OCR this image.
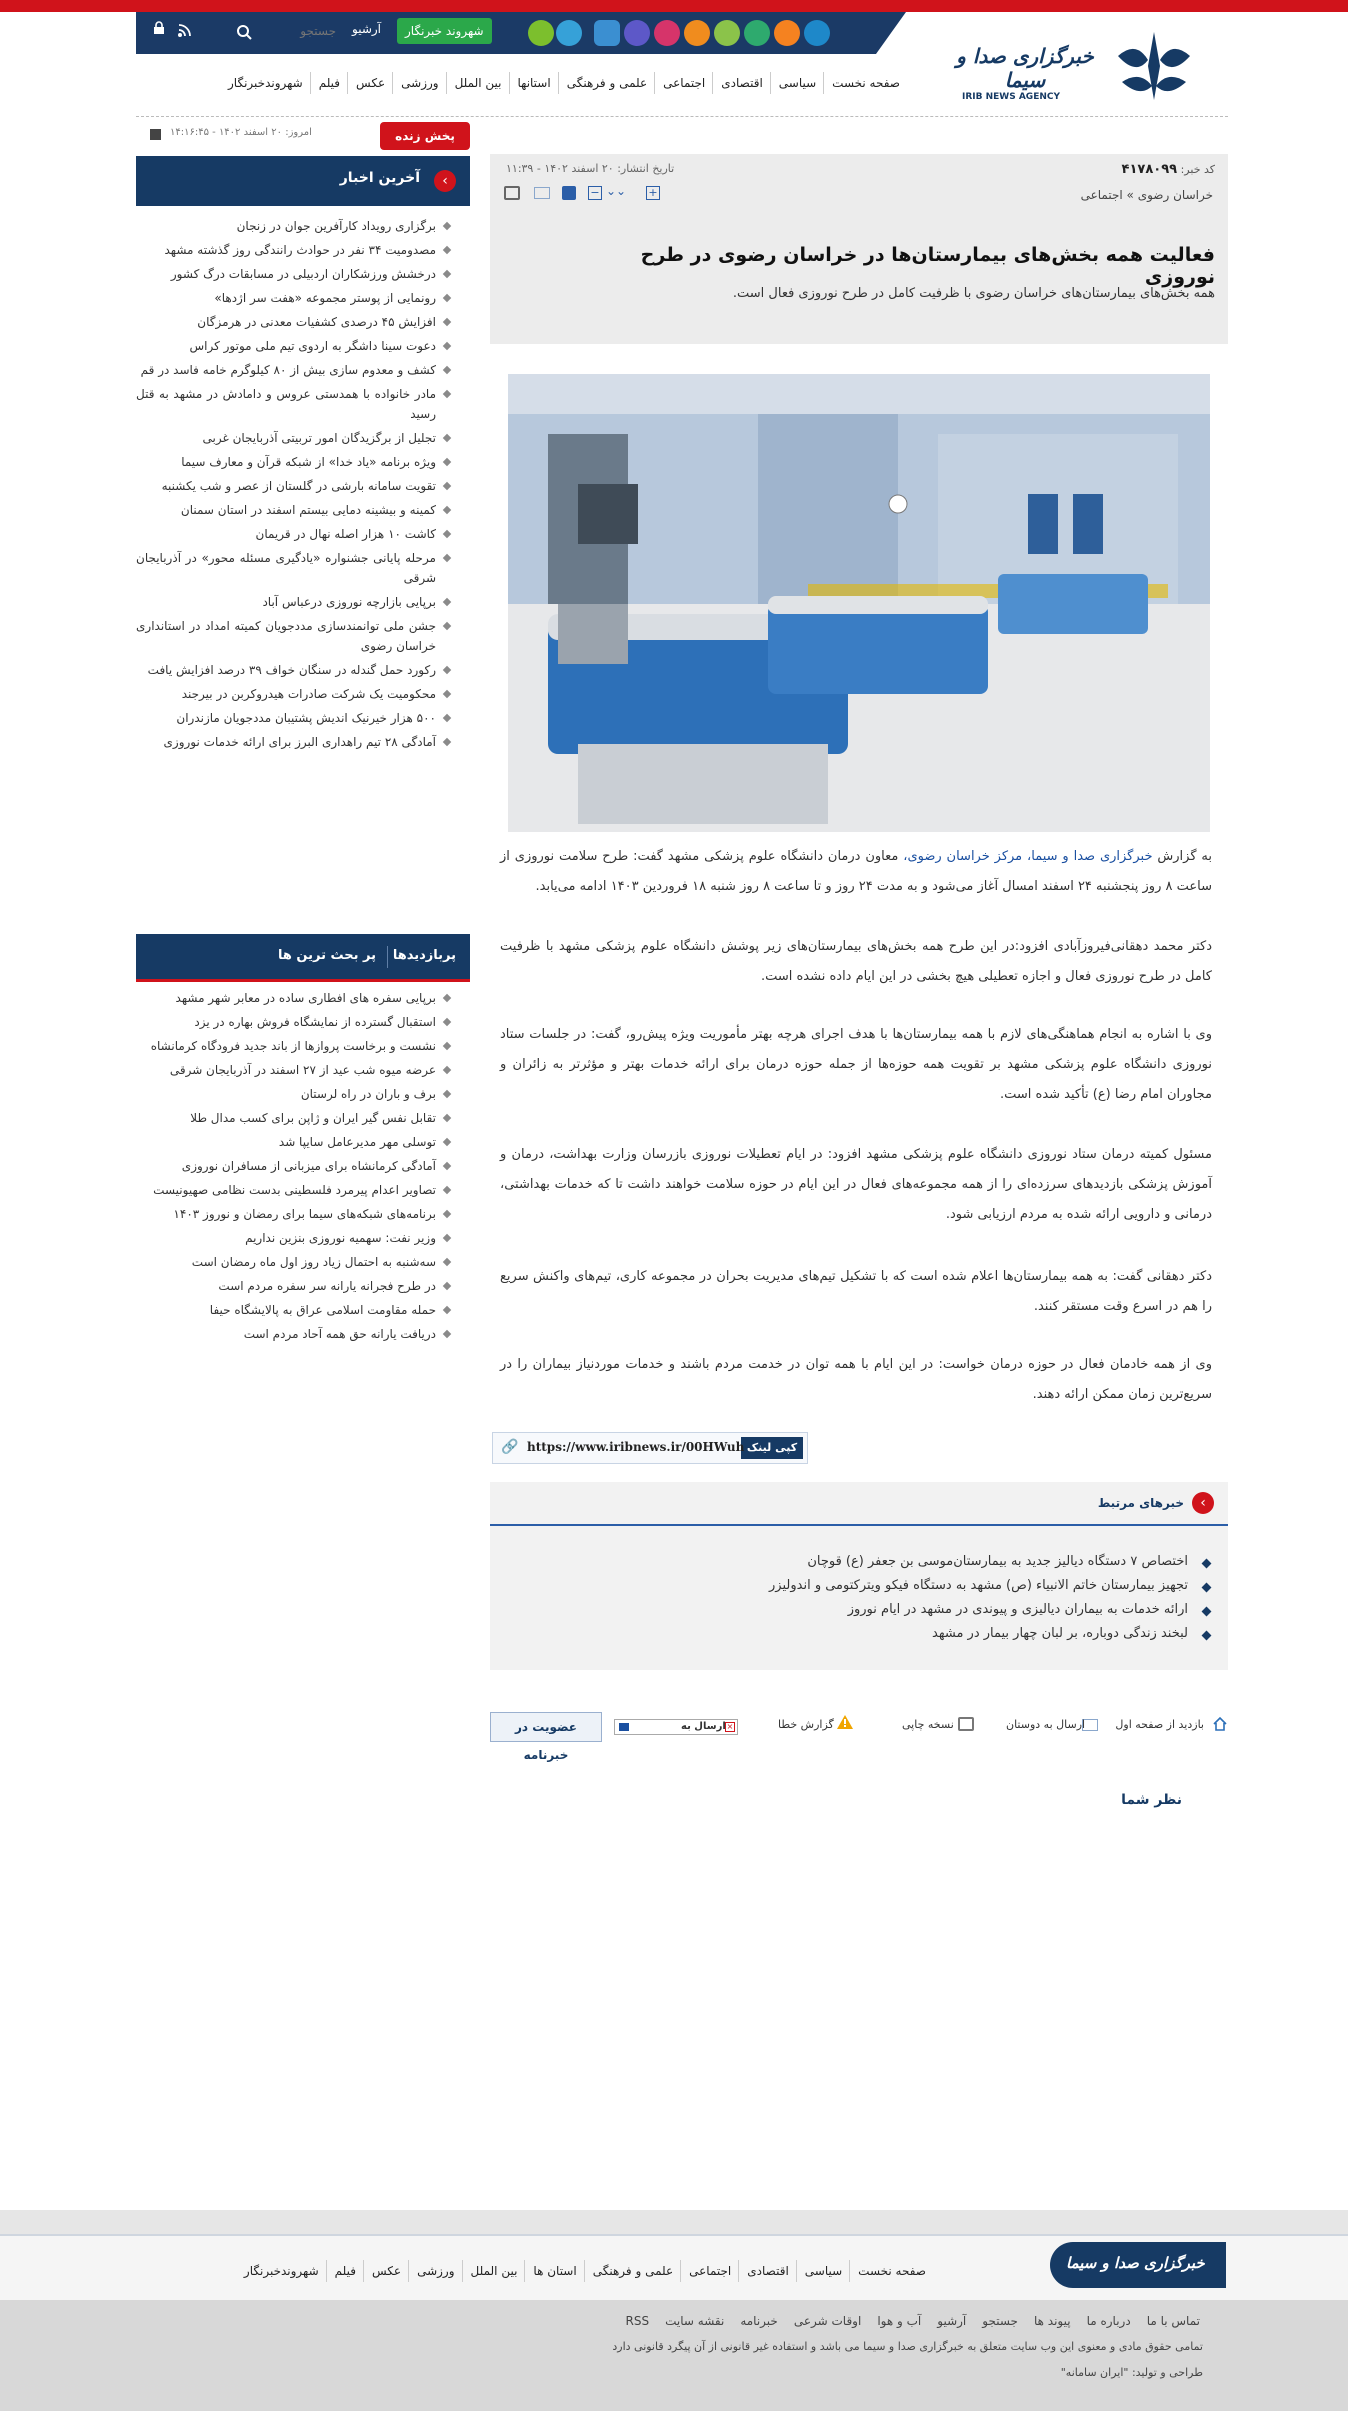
جستجو
آرشیو	شهروند خبرنگار
خبرگزاری صدا و سیما
IRIB NEWS AGENCY
پخش زنده
امروز: ۲۰ اسفند ۱۴۰۲ - ۱۴:۱۶:۴۵
‹
آخرین اخبار
برگزاری رویداد کارآفرین جوان در زنجان
مصدومیت ۳۴ نفر در حوادث رانندگی روز گذشته مشهد
درخشش ورزشکاران اردبیلی در مسابقات درگ کشور
رونمایی از پوستر مجموعه «هفت سر اژدها»
افزایش ۴۵ درصدی کشفیات معدنی در هرمزگان
دعوت سینا داشگر به اردوی تیم ملی موتور کراس
کشف و معدوم سازی بیش از ۸۰ کیلوگرم خامه فاسد در قم
مادر خانواده با همدستی عروس و دامادش در مشهد به قتل رسید
تجلیل از برگزیدگان امور تربیتی آذربایجان غربی
ویژه برنامه «یاد خدا» از شبکه قرآن و معارف سیما
تقویت سامانه بارشی در گلستان از عصر و شب یکشنبه
کمینه و بیشینه دمایی بیستم اسفند در استان سمنان
کاشت ۱۰ هزار اصله نهال در قریمان
مرحله پایانی جشنواره «یادگیری مسئله محور» در آذربایجان شرقی
برپایی بازارچه نوروزی درعباس آباد
جشن ملی توانمندسازی مددجویان کمیته امداد در استانداری خراسان رضوی
رکورد حمل گندله در سنگان خواف ۳۹ درصد افزایش یافت
محکومیت یک شرکت صادرات هیدروکربن در بیرجند
۵۰۰ هزار خیرنیک اندیش پشتیبان مددجویان مازندران
آمادگی ۲۸ تیم راهداری البرز برای ارائه خدمات نوروزی
پربازدیدها
پر بحث ترین ها
برپایی سفره های افطاری ساده در معابر شهر مشهد
استقبال گسترده از نمایشگاه فروش بهاره در یزد
نشست و برخاست پروازها از باند جدید فرودگاه کرمانشاه
عرضه میوه شب عید از ۲۷ اسفند در آذربایجان شرقی
برف و باران در راه لرستان
تقابل نفس گیر ایران و ژاپن برای کسب مدال طلا
توسلی مهر مدیرعامل سایپا شد
آمادگی کرمانشاه برای میزبانی از مسافران نوروزی
تصاویر اعدام پیرمرد فلسطینی بدست نظامی صهیونیست
برنامه‌های شبکه‌های سیما برای رمضان و نوروز ۱۴۰۳
وزیر نفت: سهمیه نوروزی بنزین نداریم
سه‌شنبه به احتمال زیاد روز اول ماه رمضان است
در طرح فجرانه یارانه سر سفره مردم است
حمله مقاومت اسلامی عراق به پالایشگاه حیفا
دریافت یارانه حق همه آحاد مردم است
کد خبر: ۴۱۷۸۰۹۹
تاریخ انتشار: ۲۰ اسفند ۱۴۰۲ - ۱۱:۳۹
خراسان رضوی » اجتماعی
+
− ⌄⌄
فعالیت همه بخش‌های بیمارستان‌ها در خراسان رضوی در طرح نوروزی
همه بخش‌های بیمارستان‌های خراسان رضوی با ظرفیت کامل در طرح نوروزی فعال است.
به گزارش خبرگزاری صدا و سیما، مرکز خراسان رضوی، معاون درمان دانشگاه علوم پزشکی مشهد گفت: طرح سلامت نوروزی از ساعت ۸ روز پنجشنبه ۲۴ اسفند امسال آغاز می‌شود و به مدت ۲۴ روز و تا ساعت ۸ روز شنبه ۱۸ فروردین ۱۴۰۳ ادامه می‌یابد.
دکتر محمد دهقانی‌فیروزآبادی افزود:در این طرح همه بخش‌های بیمارستان‌های زیر پوشش دانشگاه علوم پزشکی مشهد با ظرفیت کامل در طرح نوروزی فعال و اجازه تعطیلی هیچ بخشی در این ایام داده نشده است.
وی با اشاره به انجام هماهنگی‌های لازم با همه بیمارستان‌ها با هدف اجرای هرچه بهتر مأموریت ویژه پیش‌رو، گفت: در جلسات ستاد نوروزی دانشگاه علوم پزشکی مشهد بر تقویت همه حوزه‌ها از جمله حوزه درمان برای ارائه خدمات بهتر و مؤثرتر به زائران و مجاوران امام رضا (ع) تأکید شده است.
مسئول کمیته درمان ستاد نوروزی دانشگاه علوم پزشکی مشهد افزود: در ایام تعطیلات نوروزی بازرسان وزارت بهداشت، درمان و آموزش پزشکی بازدیدهای سرزده‌ای را از همه مجموعه‌های فعال در این ایام در حوزه سلامت خواهند داشت تا که خدمات بهداشتی، درمانی و دارویی ارائه شده به مردم ارزیابی شود.
دکتر دهقانی گفت: به همه بیمارستان‌ها اعلام شده است که با تشکیل تیم‌های مدیریت بحران در مجموعه کاری، تیم‌های واکنش سریع را هم در اسرع وقت مستقر کنند.
وی از همه خادمان فعال در حوزه درمان خواست: در این ایام با همه توان در خدمت مردم باشند و خدمات موردنیاز بیماران را در سریع‌ترین زمان ممکن ارائه دهند.
کپی لینک
https://www.iribnews.ir/00HWuh
🔗
‹
خبرهای مرتبط
اختصاص ۷ دستگاه دیالیز جدید به بیمارستان‌موسی بن جعفر (ع) قوچان
تجهیز بیمارستان خاتم الانبیاء (ص) مشهد به دستگاه فیکو ویترکتومی و اندولیزر
ارائه خدمات به بیماران دیالیزی و پیوندی در مشهد در ایام نوروز
لبخند زندگی دوباره، بر لبان چهار بیمار در مشهد
بازدید از صفحه اول
ارسال به دوستان
نسخه چاپی
گزارش خطا
ارسال به ×
عضویت در خبرنامه
نظر شما
خبرگزاری صدا و سیما
تمامی حقوق مادی و معنوی این وب سایت متعلق به خبرگزاری صدا و سیما می باشد و استفاده غیر قانونی از آن پیگرد قانونی دارد
طراحی و تولید: "ایران سامانه"
صفحه نخست
سیاسی
اقتصادی
اجتماعی
علمی و فرهنگی
استانها
بین الملل
ورزشی
عکس
فیلم
شهروندخبرنگار
صفحه نخست
سیاسی
اقتصادی
اجتماعی
علمی و فرهنگی
استان ها
بین الملل
ورزشی
عکس
فیلم
شهروندخبرنگار
تماس با ما
درباره ما
پیوند ها
جستجو
آرشیو
آب و هوا
اوقات شرعی
خبرنامه
نقشه سایت
RSS
